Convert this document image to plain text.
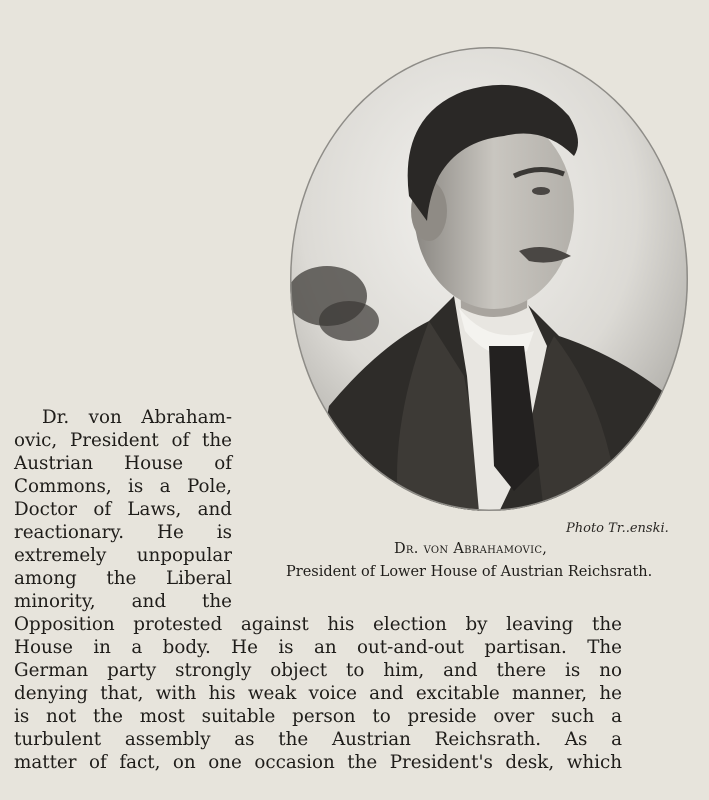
Photo Tr..enski.
Dr. von Abrahamovic,
President of Lower House of Austrian Reichsrath.
Dr. von Abraham-
ovic, President of the
Austrian House of
Commons, is a Pole,
Doctor of Laws, and
reactionary. He is
extremely unpopular
among the Liberal
minority, and the
Opposition protested against his election by leaving the
House in a body. He is an out-and-out partisan. The
German party strongly object to him, and there is no
denying that, with his weak voice and excitable manner, he
is not the most suitable person to preside over such a
turbulent assembly as the Austrian Reichsrath. As a
matter of fact, on one occasion the President's desk, which
